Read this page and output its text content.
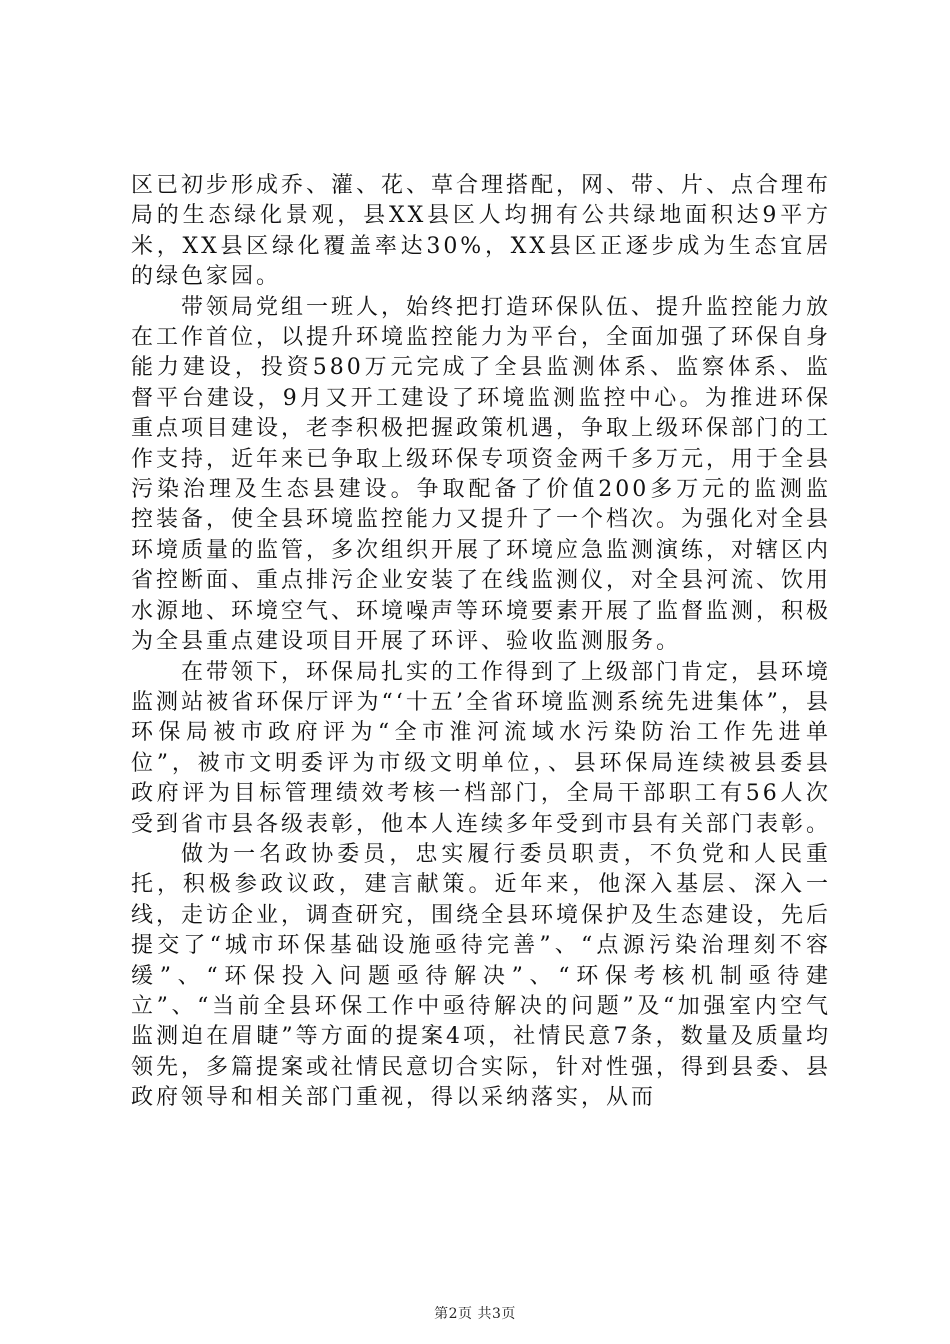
区已初步形成乔、灌、花、草合理搭配，网、带、片、点合理布局的生态绿化景观，县XX县区人均拥有公共绿地面积达9平方米，XX县区绿化覆盖率达30%，XX县区正逐步成为生态宜居的绿色家园。

带领局党组一班人，始终把打造环保队伍、提升监控能力放在工作首位，以提升环境监控能力为平台，全面加强了环保自身能力建设，投资580万元完成了全县监测体系、监察体系、监督平台建设，9月又开工建设了环境监测监控中心。为推进环保重点项目建设，老李积极把握政策机遇，争取上级环保部门的工作支持，近年来已争取上级环保专项资金两千多万元，用于全县污染治理及生态县建设。争取配备了价值200多万元的监测监控装备，使全县环境监控能力又提升了一个档次。为强化对全县环境质量的监管，多次组织开展了环境应急监测演练，对辖区内省控断面、重点排污企业安装了在线监测仪，对全县河流、饮用水源地、环境空气、环境噪声等环境要素开展了监督监测，积极为全县重点建设项目开展了环评、验收监测服务。

在带领下，环保局扎实的工作得到了上级部门肯定，县环境监测站被省环保厅评为“‘十五’全省环境监测系统先进集体”，县环保局被市政府评为“全市淮河流域水污染防治工作先进单位”，被市文明委评为市级文明单位，、县环保局连续被县委县政府评为目标管理绩效考核一档部门，全局干部职工有56人次受到省市县各级表彰，他本人连续多年受到市县有关部门表彰。

做为一名政协委员，忠实履行委员职责，不负党和人民重托，积极参政议政，建言献策。近年来，他深入基层、深入一线，走访企业，调查研究，围绕全县环境保护及生态建设，先后提交了“城市环保基础设施亟待完善”、“点源污染治理刻不容缓”、“环保投入问题亟待解决”、“环保考核机制亟待建立”、“当前全县环保工作中亟待解决的问题”及“加强室内空气监测迫在眉睫”等方面的提案4项，社情民意7条，数量及质量均领先，多篇提案或社情民意切合实际，针对性强，得到县委、县政府领导和相关部门重视，得以采纳落实，从而

第2页 共3页
